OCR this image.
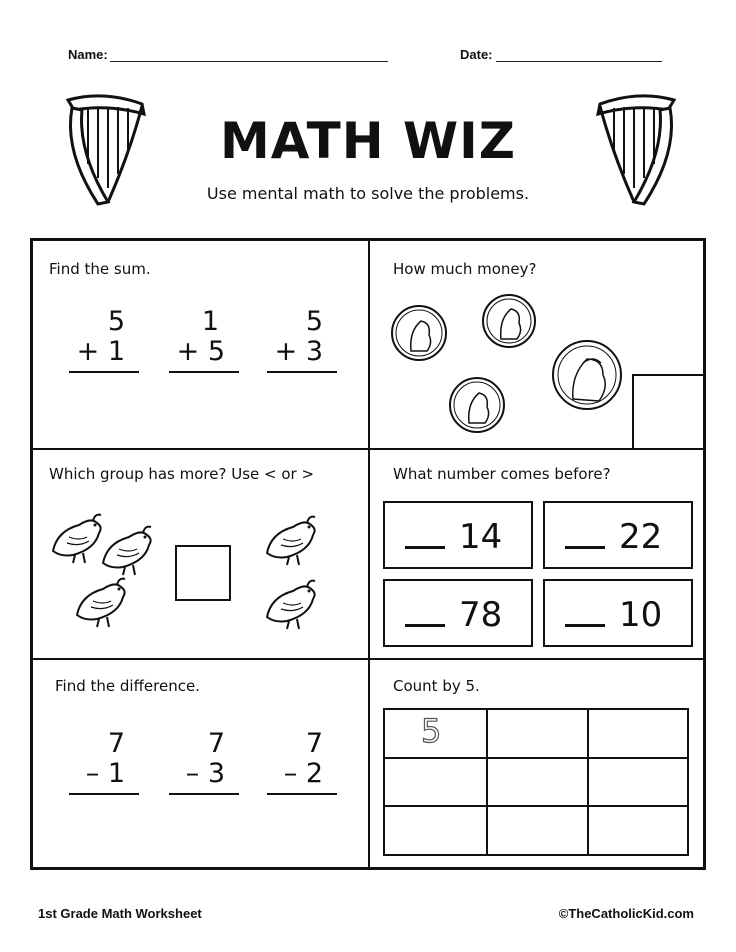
Name:	Date:
MATH WIZ
Use mental math to solve the problems.
Find the sum.
5
+ 1
1
+ 5
5
+ 3
How much money?
Which group has more? Use < or >	What number comes before?
14	22
78	10
Find the difference.
7
– 1
7
– 3
7
– 2
Count by 5.
5
1st Grade Math Worksheet	©TheCatholicKid.com
